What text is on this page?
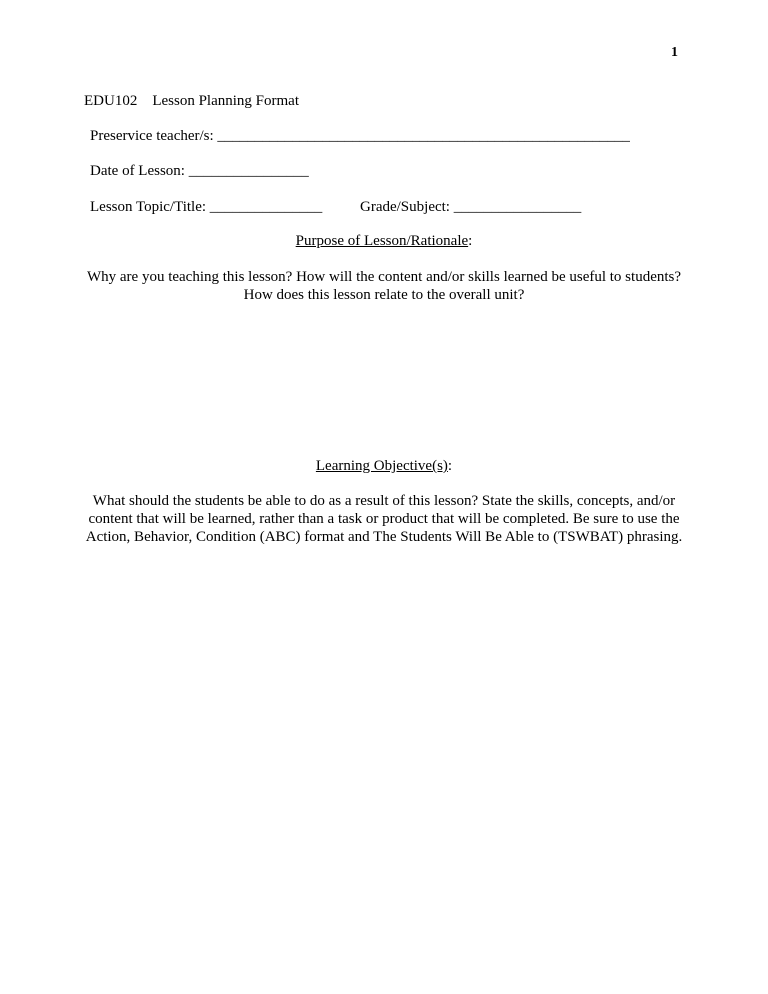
1
EDU102 Lesson Planning Format
Preservice teacher/s: _______________________________________________________
Date of Lesson: ________________
Lesson Topic/Title: _______________	Grade/Subject: _________________
Purpose of Lesson/Rationale:
Why are you teaching this lesson? How will the content and/or skills learned be useful to students? How does this lesson relate to the overall unit?
Learning Objective(s):
What should the students be able to do as a result of this lesson? State the skills, concepts, and/or content that will be learned, rather than a task or product that will be completed. Be sure to use the Action, Behavior, Condition (ABC) format and The Students Will Be Able to (TSWBAT) phrasing.
